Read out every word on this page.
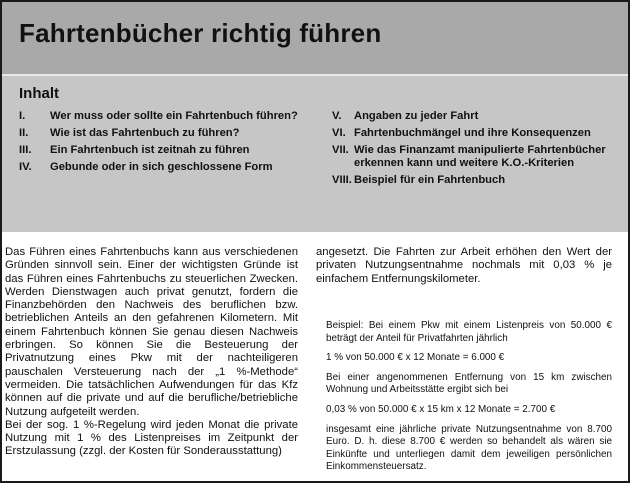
Fahrtenbücher richtig führen
Inhalt
I.	Wer muss oder sollte ein Fahrtenbuch führen?
II.	Wie ist das Fahrtenbuch zu führen?
III.	Ein Fahrtenbuch ist zeitnah zu führen
IV.	Gebunde oder in sich geschlossene Form
V.	Angaben zu jeder Fahrt
VI. Fahrtenbuchmängel und ihre Konsequenzen
VII. Wie das Finanzamt manipulierte Fahrtenbücher erkennen kann und weitere K.O.-Kriterien
VIII. Beispiel für ein Fahrtenbuch

Das Führen eines Fahrtenbuchs kann aus verschiedenen Gründen sinnvoll sein. Einer der wichtigsten Gründe ist das Führen eines Fahrtenbuchs zu steuerlichen Zwecken. Werden Dienstwagen auch privat genutzt, fordern die Finanzbehörden den Nachweis des beruflichen bzw. betrieblichen Anteils an den gefahrenen Kilometern. Mit einem Fahrtenbuch können Sie genau diesen Nachweis erbringen. So können Sie die Besteuerung der Privatnutzung eines Pkw mit der nachteiligeren pauschalen Versteuerung nach der „1 %-Methode“ vermeiden. Die tatsächlichen Aufwendungen für das Kfz können auf die private und auf die berufliche/betriebliche Nutzung aufgeteilt werden.

Bei der sog. 1 %-Regelung wird jeden Monat die private Nutzung mit 1 % des Listenpreises im Zeitpunkt der Erstzulassung (zzgl. der Kosten für Sonderausstattung)

angesetzt. Die Fahrten zur Arbeit erhöhen den Wert der privaten Nutzungsentnahme nochmals mit 0,03 % je einfachem Entfernungskilometer.

Beispiel: Bei einem Pkw mit einem Listenpreis von 50.000 € beträgt der Anteil für Privatfahrten jährlich

1 % von 50.000 € x 12 Monate = 6.000 €

Bei einer angenommenen Entfernung von 15 km zwischen Wohnung und Arbeitsstätte ergibt sich bei

0,03 % von 50.000 € x 15 km x 12 Monate = 2.700 €

insgesamt eine jährliche private Nutzungsentnahme von 8.700 Euro. D. h. diese 8.700 € werden so behandelt als wären sie Einkünfte und unterliegen damit dem jeweiligen persönlichen Einkommensteuersatz.
